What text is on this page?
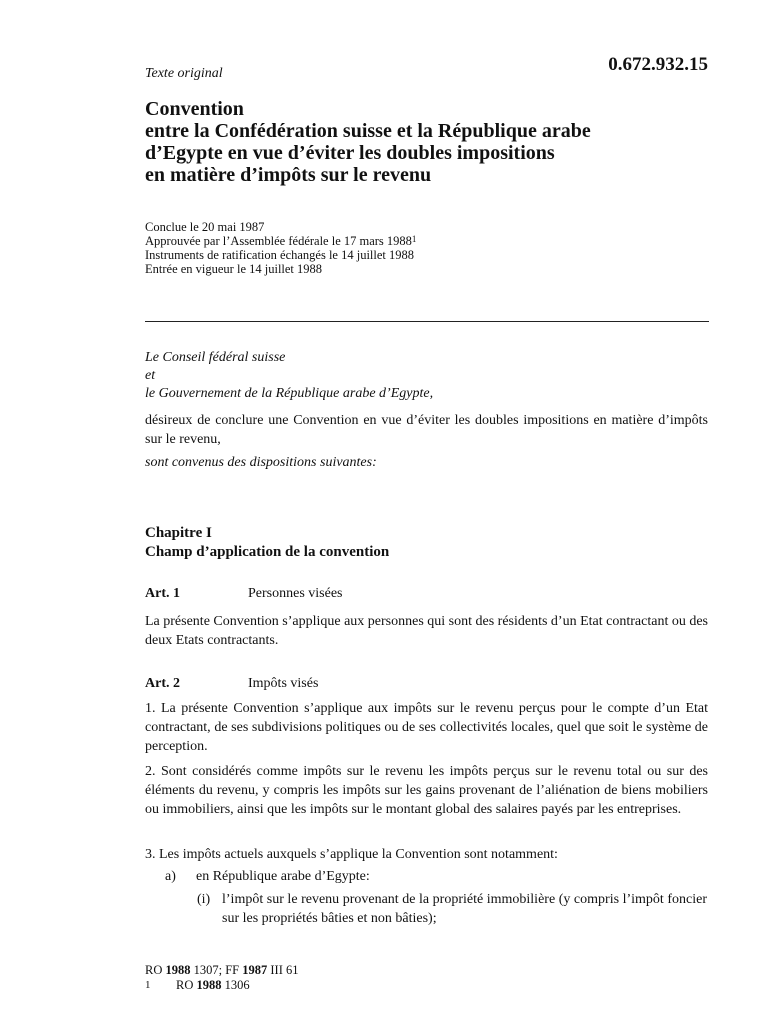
0.672.932.15
Texte original
Convention
entre la Confédération suisse et la République arabe
d’Egypte en vue d’éviter les doubles impositions
en matière d’impôts sur le revenu
Conclue le 20 mai 1987
Approuvée par l’Assemblée fédérale le 17 mars 1988$^1$
Instruments de ratification échangés le 14 juillet 1988
Entrée en vigueur le 14 juillet 1988
Le Conseil fédéral suisse
et
le Gouvernement de la République arabe d’Egypte,
désireux de conclure une Convention en vue d’éviter les doubles impositions en matière d’impôts sur le revenu,
sont convenus des dispositions suivantes:
Chapitre I
Champ d’application de la convention
Art. 1	Personnes visées
La présente Convention s’applique aux personnes qui sont des résidents d’un Etat contractant ou des deux Etats contractants.
Art. 2	Impôts visés
1. La présente Convention s’applique aux impôts sur le revenu perçus pour le compte d’un Etat contractant, de ses subdivisions politiques ou de ses collectivités locales, quel que soit le système de perception.
2. Sont considérés comme impôts sur le revenu les impôts perçus sur le revenu total ou sur des éléments du revenu, y compris les impôts sur les gains provenant de l’aliénation de biens mobiliers ou immobiliers, ainsi que les impôts sur le montant global des salaires payés par les entreprises.
3. Les impôts actuels auxquels s’applique la Convention sont notamment:
a) en République arabe d’Egypte:
(i) l’impôt sur le revenu provenant de la propriété immobilière (y compris l’impôt foncier sur les propriétés bâties et non bâties);
RO 1988 1307; FF 1987 III 61
1 RO 1988 1306
